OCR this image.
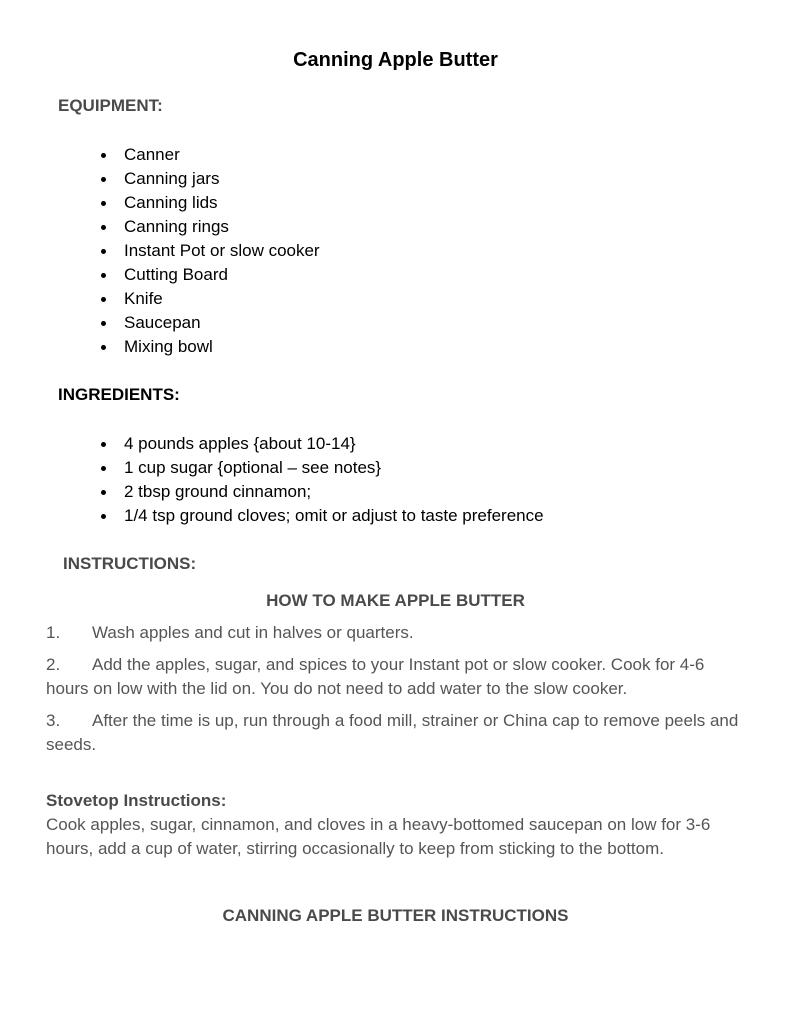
Canning Apple Butter
EQUIPMENT:
Canner
Canning jars
Canning lids
Canning rings
Instant Pot or slow cooker
Cutting Board
Knife
Saucepan
Mixing bowl
INGREDIENTS:
4 pounds apples {about 10-14}
1 cup sugar {optional – see notes}
2 tbsp ground cinnamon;
1/4 tsp ground cloves; omit or adjust to taste preference
INSTRUCTIONS:
HOW TO MAKE APPLE BUTTER
1. Wash apples and cut in halves or quarters.
2. Add the apples, sugar, and spices to your Instant pot or slow cooker. Cook for 4-6 hours on low with the lid on. You do not need to add water to the slow cooker.
3. After the time is up, run through a food mill, strainer or China cap to remove peels and seeds.
Stovetop Instructions:
Cook apples, sugar, cinnamon, and cloves in a heavy-bottomed saucepan on low for 3-6 hours, add a cup of water, stirring occasionally to keep from sticking to the bottom.
CANNING APPLE BUTTER INSTRUCTIONS
